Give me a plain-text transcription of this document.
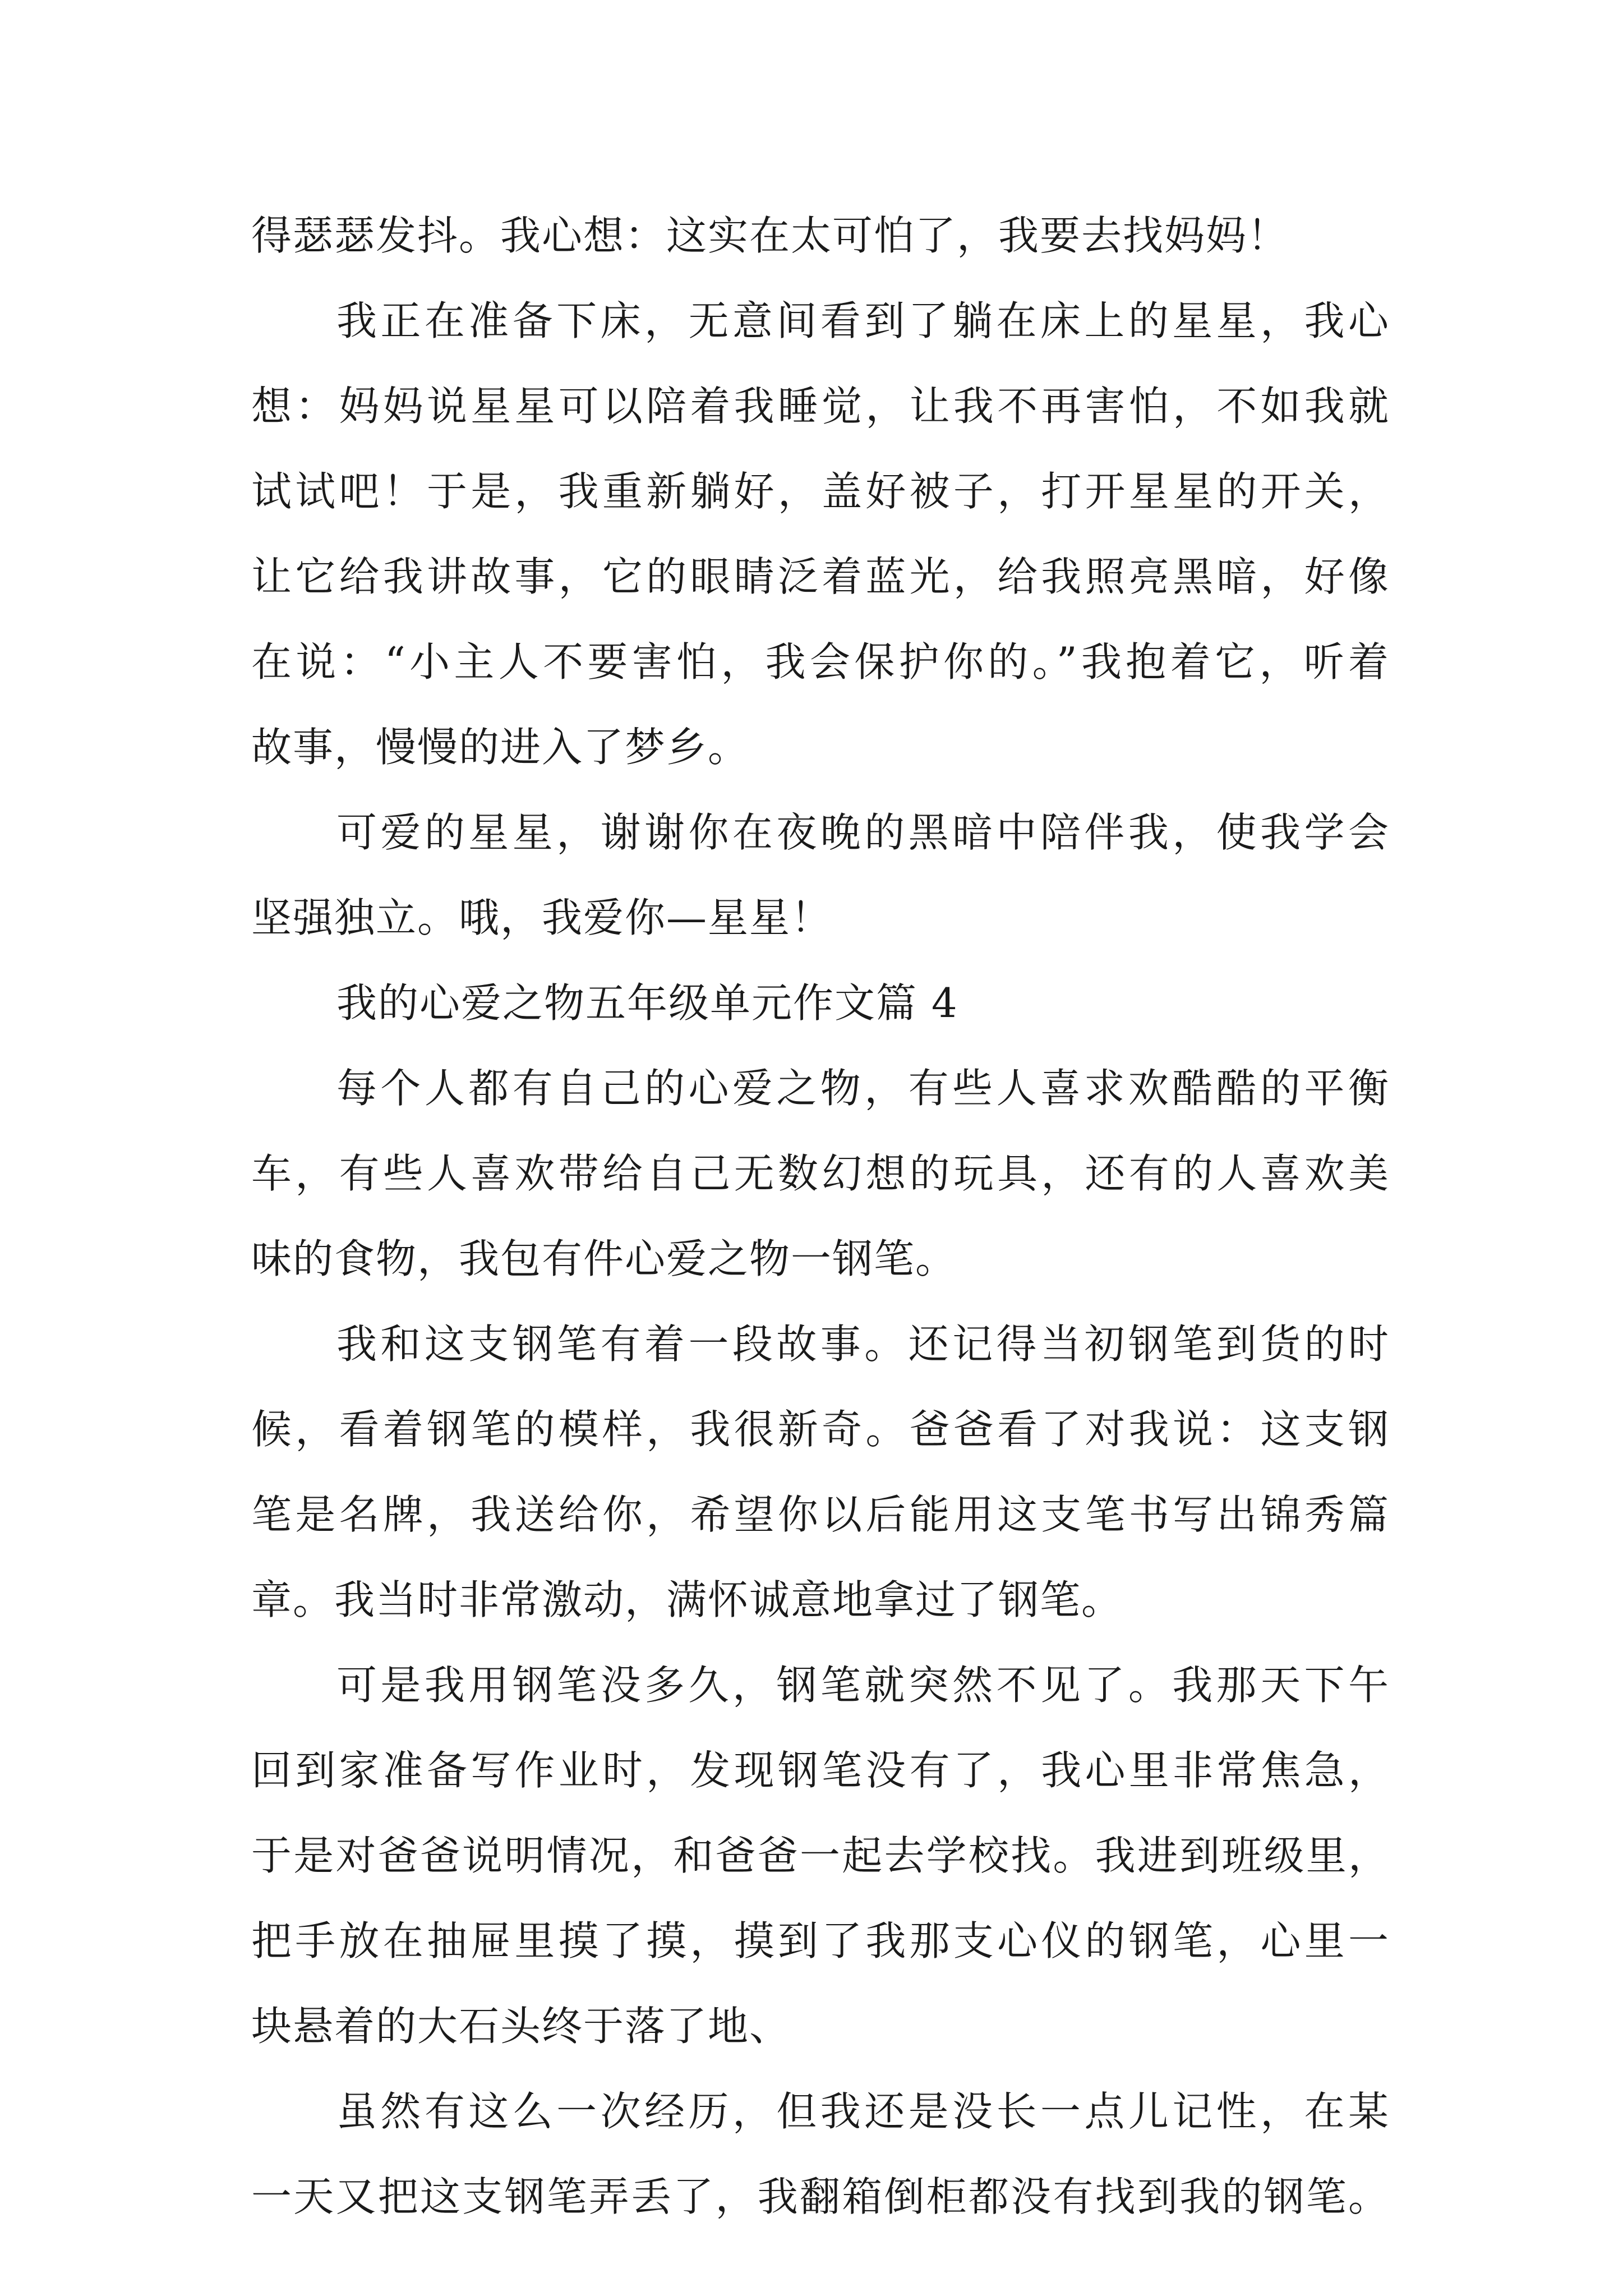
得瑟瑟发抖。我心想：这实在太可怕了，我要去找妈妈！
我正在准备下床，无意间看到了躺在床上的星星，我心
想：妈妈说星星可以陪着我睡觉，让我不再害怕，不如我就
试试吧！于是，我重新躺好，盖好被子，打开星星的开关，
让它给我讲故事，它的眼睛泛着蓝光，给我照亮黑暗，好像
在说：“小主人不要害怕，我会保护你的。”我抱着它，听着
故事，慢慢的进入了梦乡。
可爱的星星，谢谢你在夜晚的黑暗中陪伴我，使我学会
坚强独立。哦，我爱你—星星！
我的心爱之物五年级单元作文篇 4
每个人都有自己的心爱之物，有些人喜求欢酷酷的平衡
车，有些人喜欢带给自己无数幻想的玩具，还有的人喜欢美
味的食物，我包有件心爱之物一钢笔。
我和这支钢笔有着一段故事。还记得当初钢笔到货的时
候，看着钢笔的模样，我很新奇。爸爸看了对我说：这支钢
笔是名牌，我送给你，希望你以后能用这支笔书写出锦秀篇
章。我当时非常激动，满怀诚意地拿过了钢笔。
可是我用钢笔没多久，钢笔就突然不见了。我那天下午
回到家准备写作业时，发现钢笔没有了，我心里非常焦急，
于是对爸爸说明情况，和爸爸一起去学校找。我进到班级里，
把手放在抽屉里摸了摸，摸到了我那支心仪的钢笔，心里一
块悬着的大石头终于落了地、
虽然有这么一次经历，但我还是没长一点儿记性，在某
一天又把这支钢笔弄丢了，我翻箱倒柜都没有找到我的钢笔。
